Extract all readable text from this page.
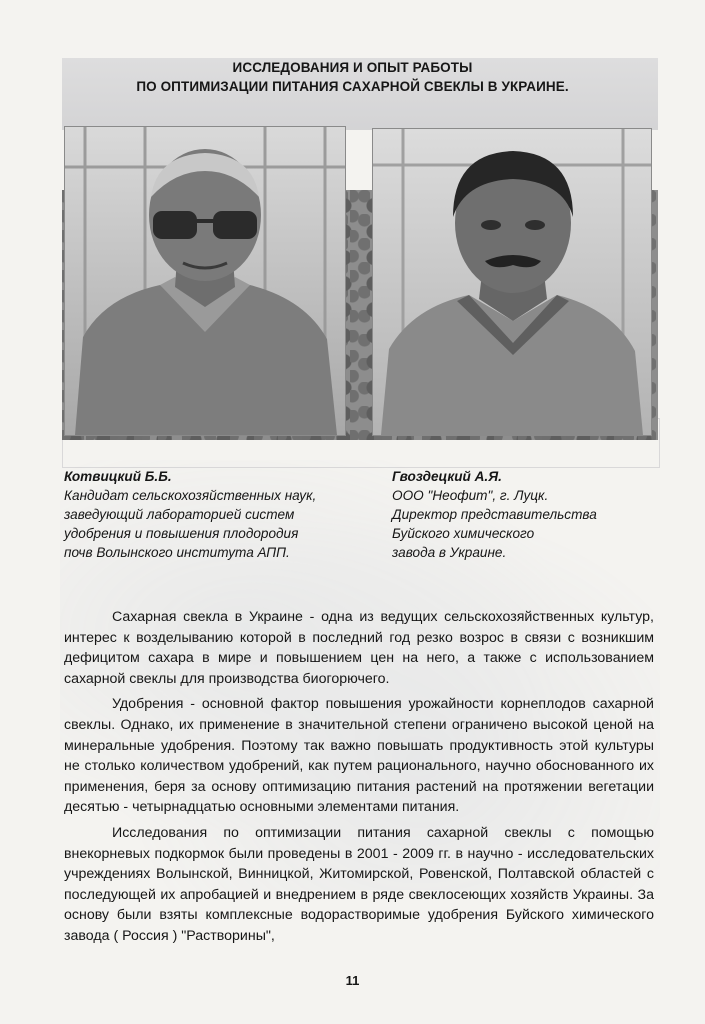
ИССЛЕДОВАНИЯ И ОПЫТ РАБОТЫ
ПО ОПТИМИЗАЦИИ ПИТАНИЯ САХАРНОЙ СВЕКЛЫ В УКРАИНЕ.
Котвицкий Б.Б.
Кандидат сельскохозяйственных наук,
заведующий лабораторией систем
удобрения и повышения плодородия
почв Волынского института АПП.
Гвоздецкий А.Я.
ООО "Неофит", г. Луцк.
Директор представительства
Буйского химического
завода в Украине.

Сахарная свекла в Украине - одна из ведущих сельскохозяйственных культур, интерес к возделыванию которой в последний год резко возрос в связи с возникшим дефицитом сахара в мире и повышением цен на него, а также с использованием сахарной свеклы для производства биогорючего.

Удобрения - основной фактор повышения урожайности корнеплодов сахарной свеклы. Однако, их применение в значительной степени ограничено высокой ценой на минеральные удобрения. Поэтому так важно повышать продуктивность этой культуры не столько количеством удобрений, как путем рационального, научно обоснованного их применения, беря за основу оптимизацию питания растений на протяжении вегетации десятью - четырнадцатью основными элементами питания.

Исследования по оптимизации питания сахарной свеклы с помощью внекорневых подкормок были проведены в 2001 - 2009 гг. в научно - исследовательских учреждениях Волынской, Винницкой, Житомирской, Ровенской, Полтавской областей с последующей их апробацией и внедрением в ряде свеклосеющих хозяйств Украины. За основу были взяты комплексные водорастворимые удобрения Буйского химического завода ( Россия ) "Растворины",

11
